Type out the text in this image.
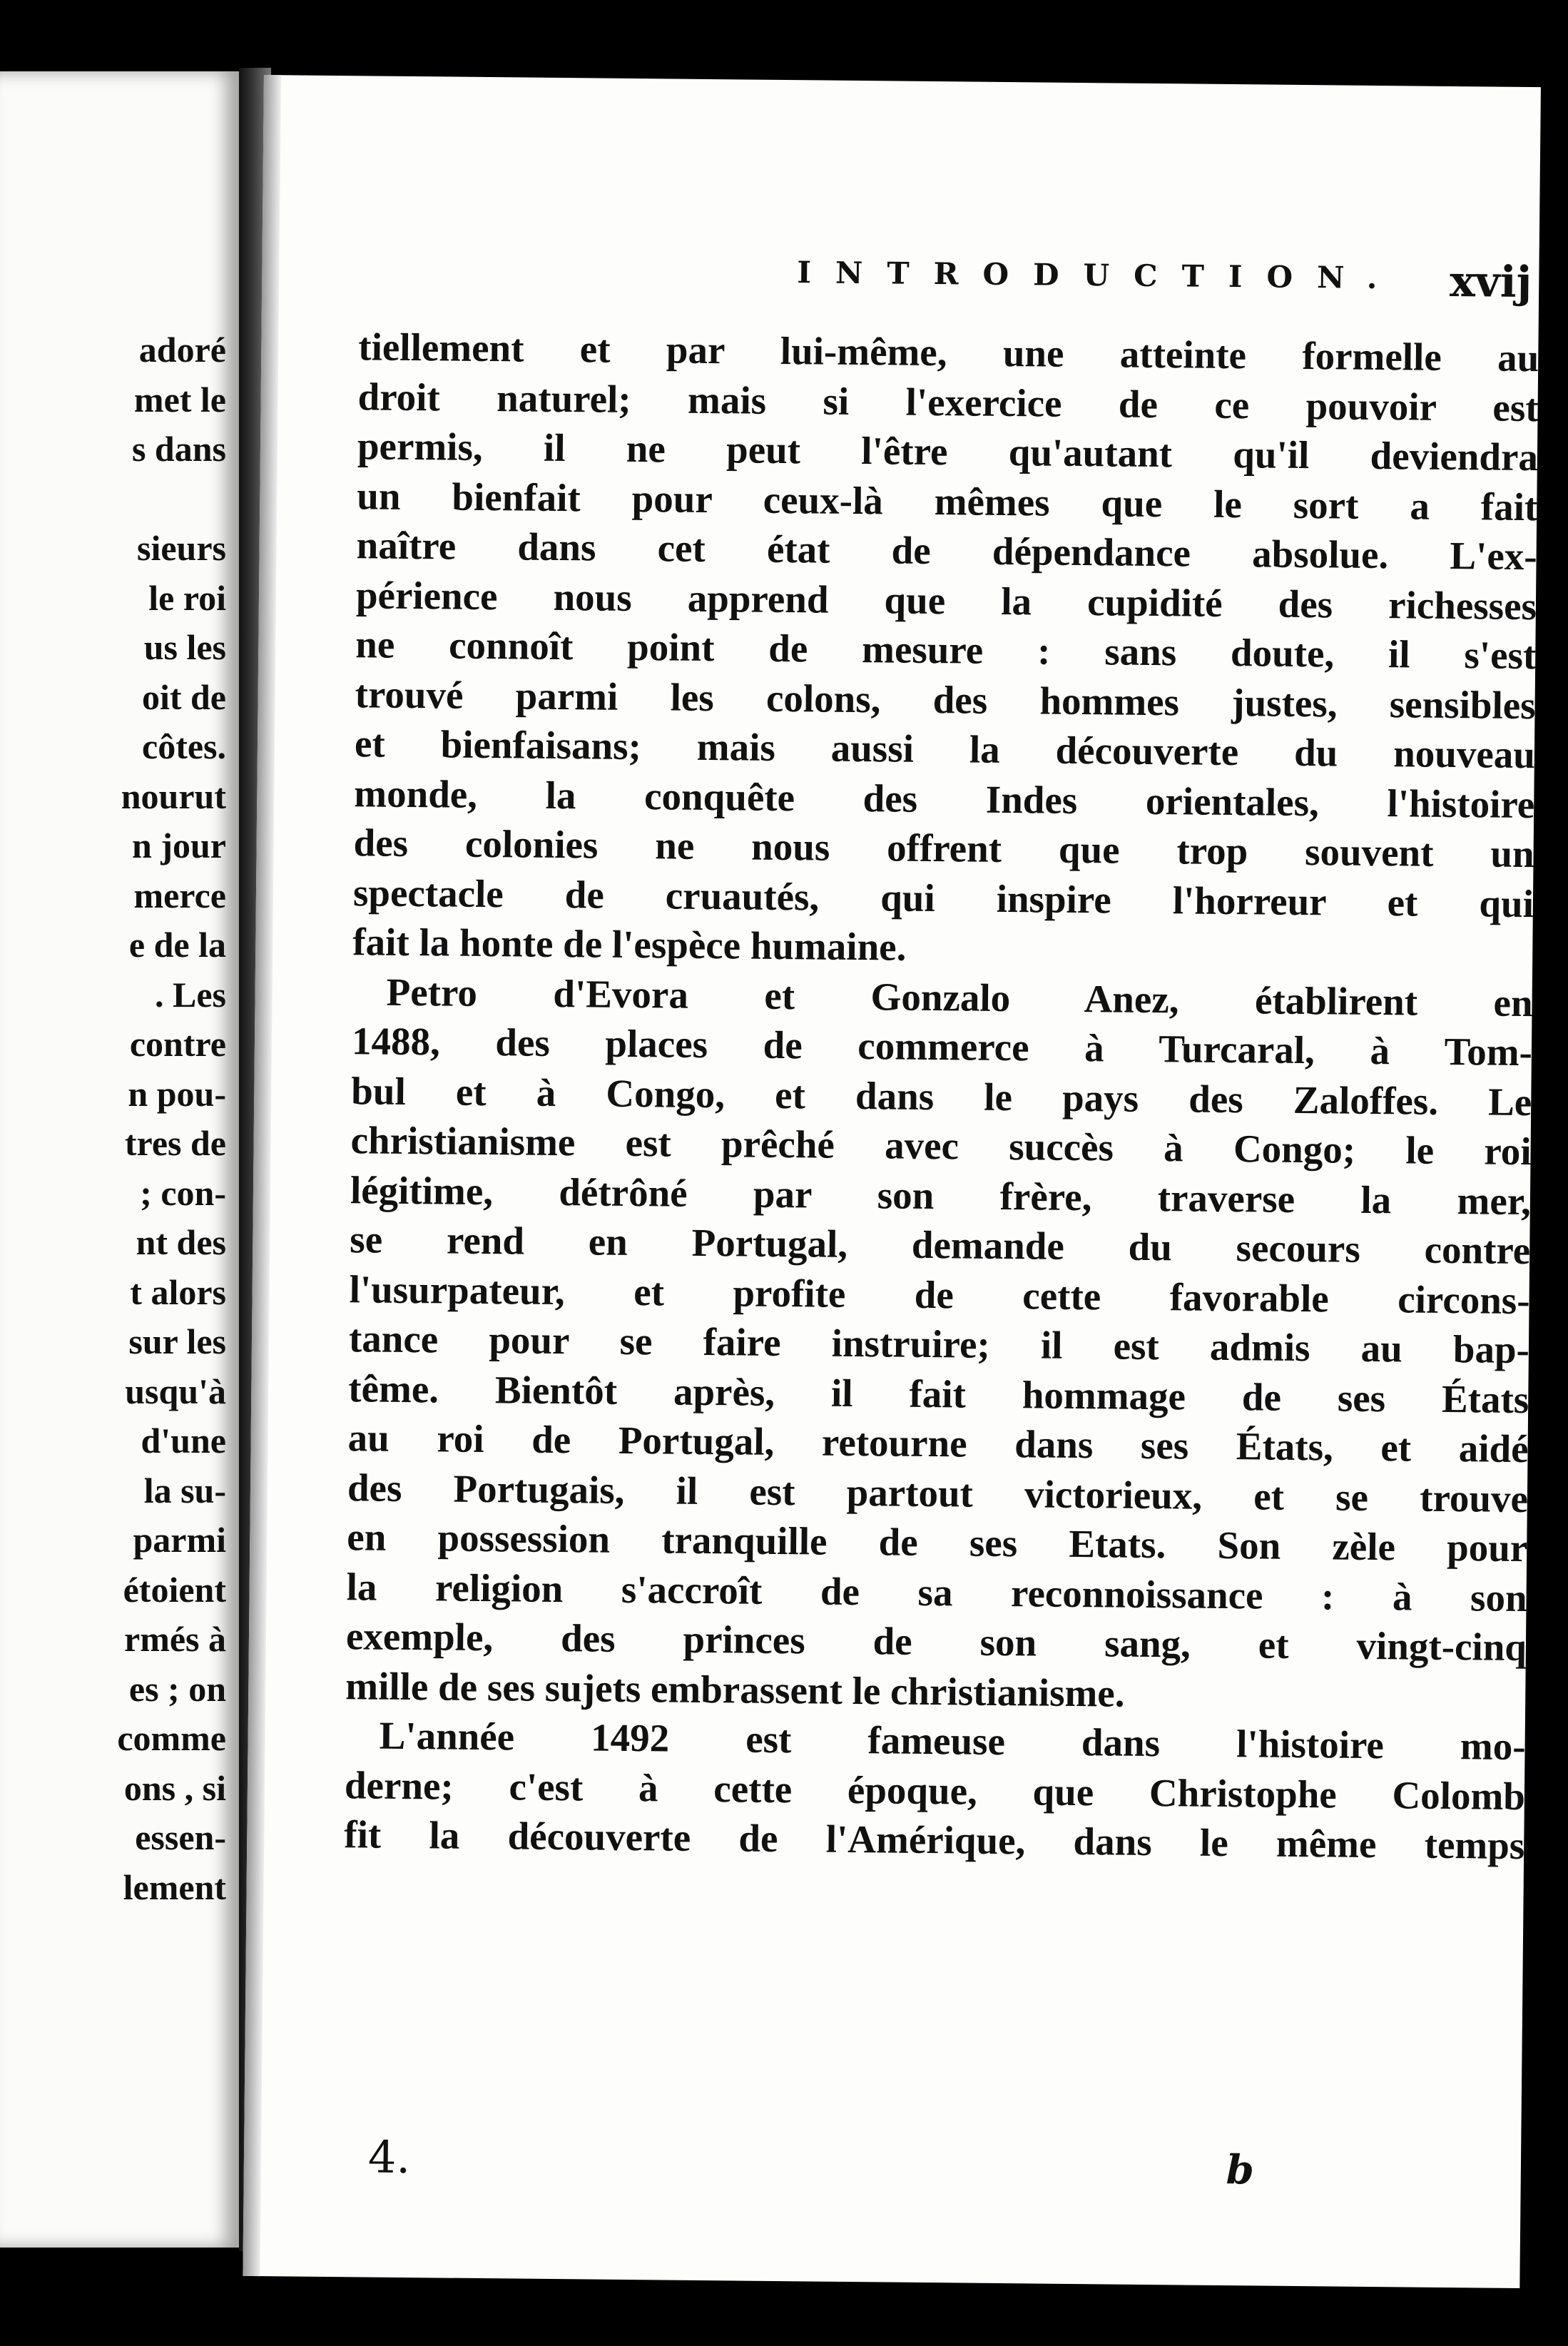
adoré
met le
s dans

sieurs
le roi
us les
oit de
côtes.
nourut
n jour
merce
e de la
. Les
contre
n pou-
tres de
; con-
nt des
t alors
sur les
usqu'à
d'une
la su-
parmi
étoient
rmés à
es ; on
comme
ons , si
essen-
lement
INTRODUCTION. xvij
tiellement et par lui-même, une atteinte formelle au
droit naturel; mais si l'exercice de ce pouvoir est
permis, il ne peut l'être qu'autant qu'il deviendra
un bienfait pour ceux-là mêmes que le sort a fait
naître dans cet état de dépendance absolue. L'ex-
périence nous apprend que la cupidité des richesses
ne connoît point de mesure : sans doute, il s'est
trouvé parmi les colons, des hommes justes, sensibles
et bienfaisans; mais aussi la découverte du nouveau
monde, la conquête des Indes orientales, l'histoire
des colonies ne nous offrent que trop souvent un
spectacle de cruautés, qui inspire l'horreur et qui
fait la honte de l'espèce humaine.
Petro d'Evora et Gonzalo Anez, établirent en
1488, des places de commerce à Turcaral, à Tom-
bul et à Congo, et dans le pays des Zaloffes. Le
christianisme est prêché avec succès à Congo; le roi
légitime, détrôné par son frère, traverse la mer,
se rend en Portugal, demande du secours contre
l'usurpateur, et profite de cette favorable circons-
tance pour se faire instruire; il est admis au bap-
tême. Bientôt après, il fait hommage de ses États
au roi de Portugal, retourne dans ses États, et aidé
des Portugais, il est partout victorieux, et se trouve
en possession tranquille de ses Etats. Son zèle pour
la religion s'accroît de sa reconnoissance : à son
exemple, des princes de son sang, et vingt-cinq
mille de ses sujets embrassent le christianisme.
L'année 1492 est fameuse dans l'histoire mo-
derne; c'est à cette époque, que Christophe Colomb
fit la découverte de l'Amérique, dans le même temps
4.	b
